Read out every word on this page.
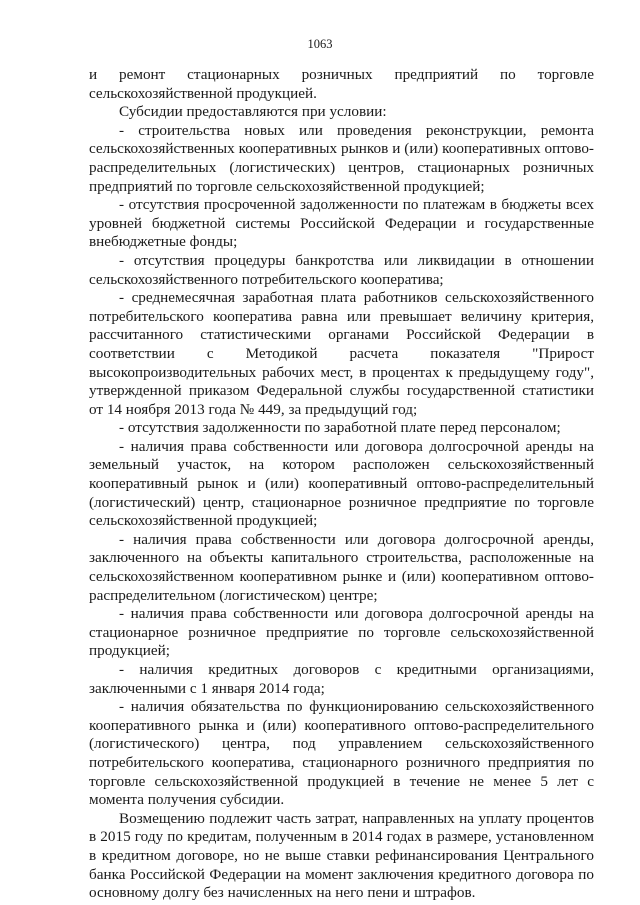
1063

и ремонт стационарных розничных предприятий по торговле сельскохозяйственной продукцией.

Субсидии предоставляются при условии:

- строительства новых или проведения реконструкции, ремонта сельскохозяйственных кооперативных рынков и (или) кооперативных оптово-распределительных (логистических) центров, стационарных розничных предприятий по торговле сельскохозяйственной продукцией;

- отсутствия просроченной задолженности по платежам в бюджеты всех уровней бюджетной системы Российской Федерации и государственные внебюджетные фонды;

- отсутствия процедуры банкротства или ликвидации в отношении сельскохозяйственного потребительского кооператива;

- среднемесячная заработная плата работников сельскохозяйственного потребительского кооператива равна или превышает величину критерия, рассчитанного статистическими органами Российской Федерации в соответствии с Методикой расчета показателя "Прирост высокопроизводительных рабочих мест, в процентах к предыдущему году", утвержденной приказом Федеральной службы государственной статистики от 14 ноября 2013 года № 449, за предыдущий год;

- отсутствия задолженности по заработной плате перед персоналом;

- наличия права собственности или договора долгосрочной аренды на земельный участок, на котором расположен сельскохозяйственный кооперативный рынок и (или) кооперативный оптово-распределительный (логистический) центр, стационарное розничное предприятие по торговле сельскохозяйственной продукцией;

- наличия права собственности или договора долгосрочной аренды, заключенного на объекты капитального строительства, расположенные на сельскохозяйственном кооперативном рынке и (или) кооперативном оптово-распределительном (логистическом) центре;

- наличия права собственности или договора долгосрочной аренды на стационарное розничное предприятие по торговле сельскохозяйственной продукцией;

- наличия кредитных договоров с кредитными организациями, заключенными с 1 января 2014 года;

- наличия обязательства по функционированию сельскохозяйственного кооперативного рынка и (или) кооперативного оптово-распределительного (логистического) центра, под управлением сельскохозяйственного потребительского кооператива, стационарного розничного предприятия по торговле сельскохозяйственной продукцией в течение не менее 5 лет с момента получения субсидии.

Возмещению подлежит часть затрат, направленных на уплату процентов в 2015 году по кредитам, полученным в 2014 годах в размере, установленном в кредитном договоре, но не выше ставки рефинансирования Центрального банка Российской Федерации на момент заключения кредитного договора по основному долгу без начисленных на него пени и штрафов.
